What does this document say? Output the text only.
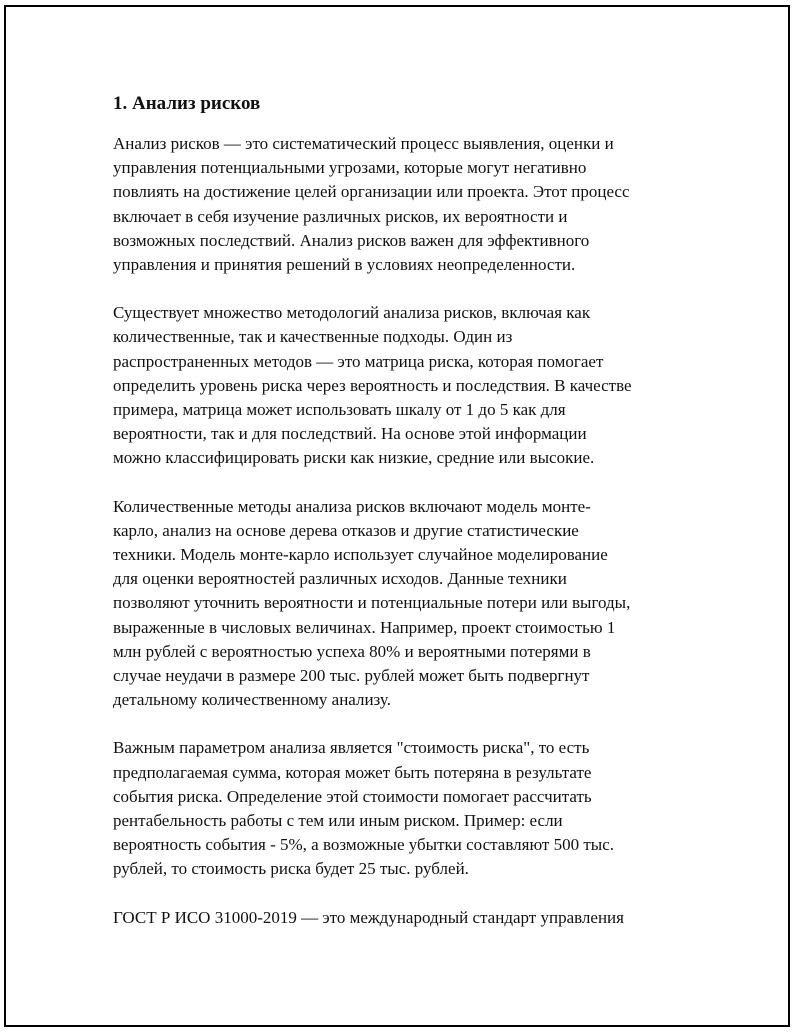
1. Анализ рисков

Анализ рисков — это систематический процесс выявления, оценки и
управления потенциальными угрозами, которые могут негативно
повлиять на достижение целей организации или проекта. Этот процесс
включает в себя изучение различных рисков, их вероятности и
возможных последствий. Анализ рисков важен для эффективного
управления и принятия решений в условиях неопределенности.

Существует множество методологий анализа рисков, включая как
количественные, так и качественные подходы. Один из
распространенных методов — это матрица риска, которая помогает
определить уровень риска через вероятность и последствия. В качестве
примера, матрица может использовать шкалу от 1 до 5 как для
вероятности, так и для последствий. На основе этой информации
можно классифицировать риски как низкие, средние или высокие.

Количественные методы анализа рисков включают модель монте-
карло, анализ на основе дерева отказов и другие статистические
техники. Модель монте-карло использует случайное моделирование
для оценки вероятностей различных исходов. Данные техники
позволяют уточнить вероятности и потенциальные потери или выгоды,
выраженные в числовых величинах. Например, проект стоимостью 1
млн рублей с вероятностью успеха 80% и вероятными потерями в
случае неудачи в размере 200 тыс. рублей может быть подвергнут
детальному количественному анализу.

Важным параметром анализа является "стоимость риска", то есть
предполагаемая сумма, которая может быть потеряна в результате
события риска. Определение этой стоимости помогает рассчитать
рентабельность работы с тем или иным риском. Пример: если
вероятность события - 5%, а возможные убытки составляют 500 тыс.
рублей, то стоимость риска будет 25 тыс. рублей.

ГОСТ Р ИСО 31000-2019 — это международный стандарт управления
